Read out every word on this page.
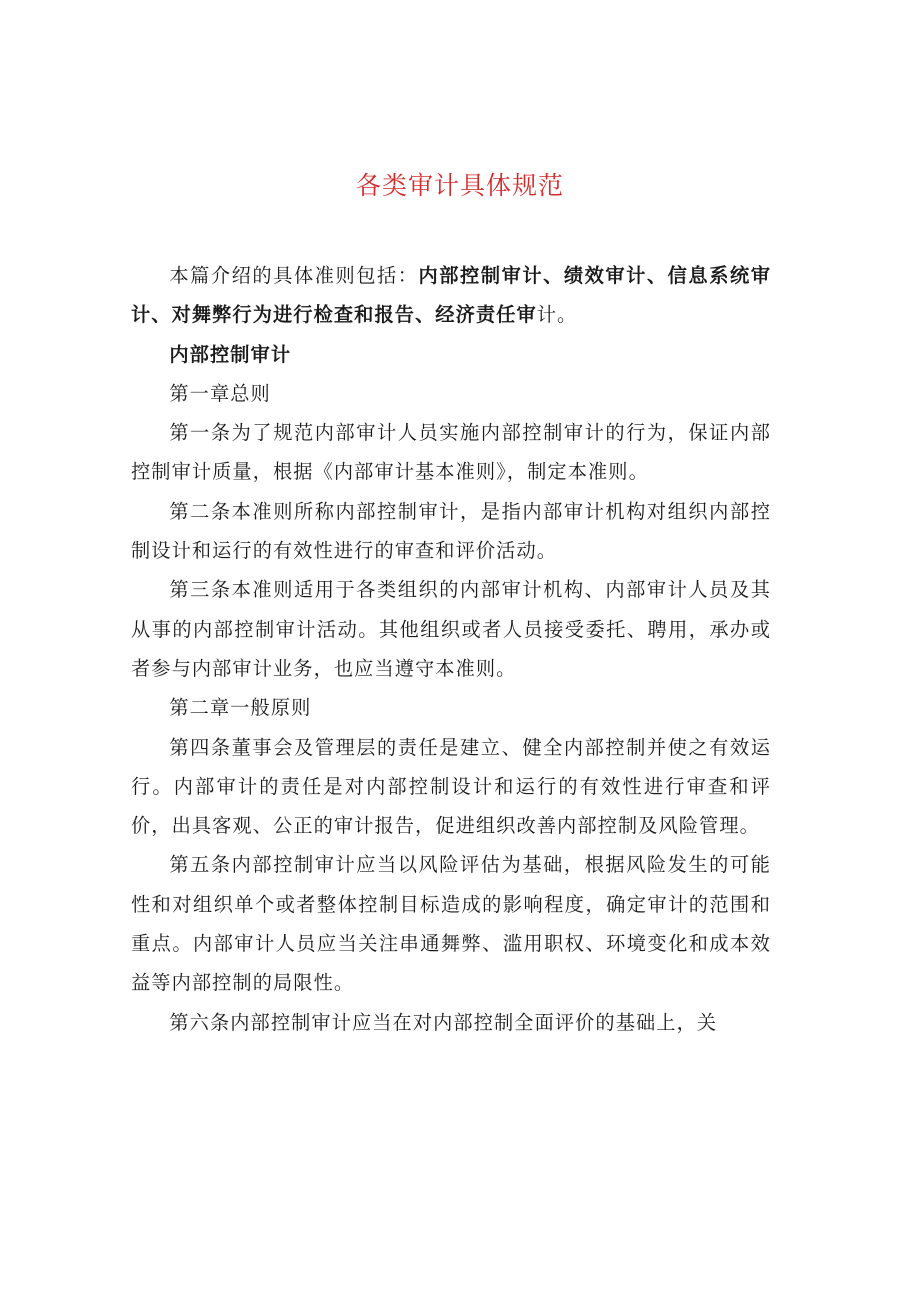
各类审计具体规范

本篇介绍的具体准则包括：内部控制审计、绩效审计、信息系统审计、对舞弊行为进行检查和报告、经济责任审计。

内部控制审计

第一章总则

第一条为了规范内部审计人员实施内部控制审计的行为，保证内部控制审计质量，根据《内部审计基本准则》，制定本准则。

第二条本准则所称内部控制审计，是指内部审计机构对组织内部控制设计和运行的有效性进行的审查和评价活动。

第三条本准则适用于各类组织的内部审计机构、内部审计人员及其从事的内部控制审计活动。其他组织或者人员接受委托、聘用，承办或者参与内部审计业务，也应当遵守本准则。

第二章一般原则

第四条董事会及管理层的责任是建立、健全内部控制并使之有效运行。内部审计的责任是对内部控制设计和运行的有效性进行审查和评价，出具客观、公正的审计报告，促进组织改善内部控制及风险管理。

第五条内部控制审计应当以风险评估为基础，根据风险发生的可能性和对组织单个或者整体控制目标造成的影响程度，确定审计的范围和重点。内部审计人员应当关注串通舞弊、滥用职权、环境变化和成本效益等内部控制的局限性。

第六条内部控制审计应当在对内部控制全面评价的基础上，关
